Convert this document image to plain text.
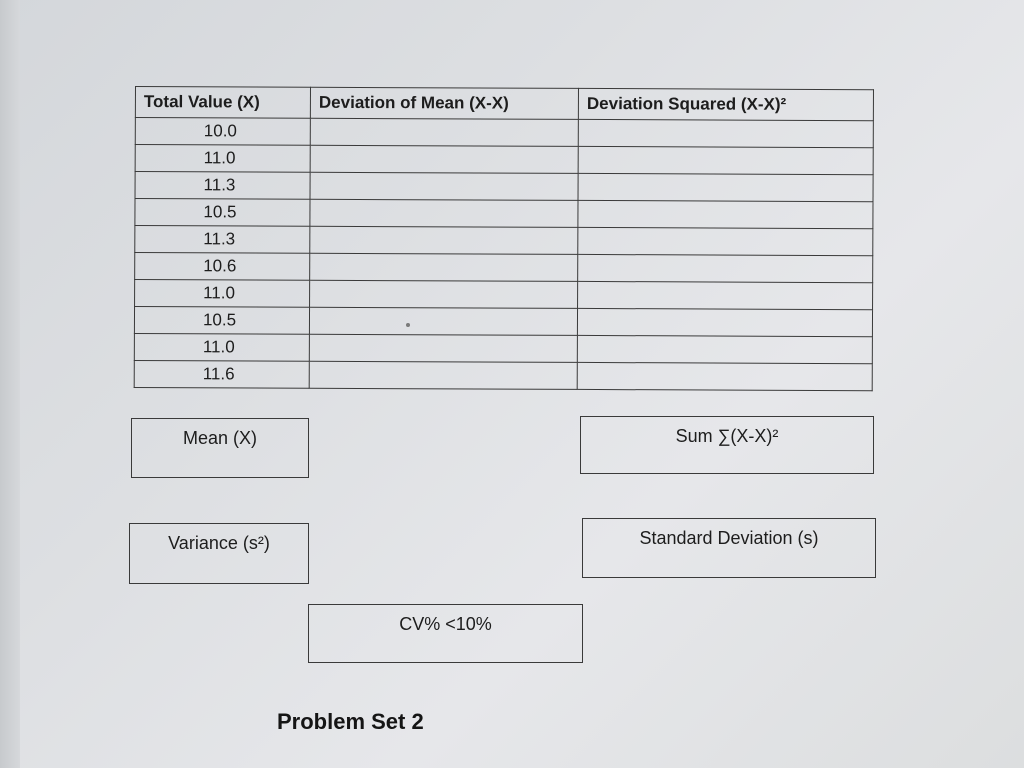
Total Value (X)	Deviation of Mean (X-X)	Deviation Squared (X-X)²
10.0		
11.0		
11.3		
10.5		
11.3		
10.6		
11.0		
10.5		
11.0		
11.6		
Mean (X)	Sum ∑(X-X)²
Variance (s²)	Standard Deviation (s)
CV% <10%
Problem Set 2
